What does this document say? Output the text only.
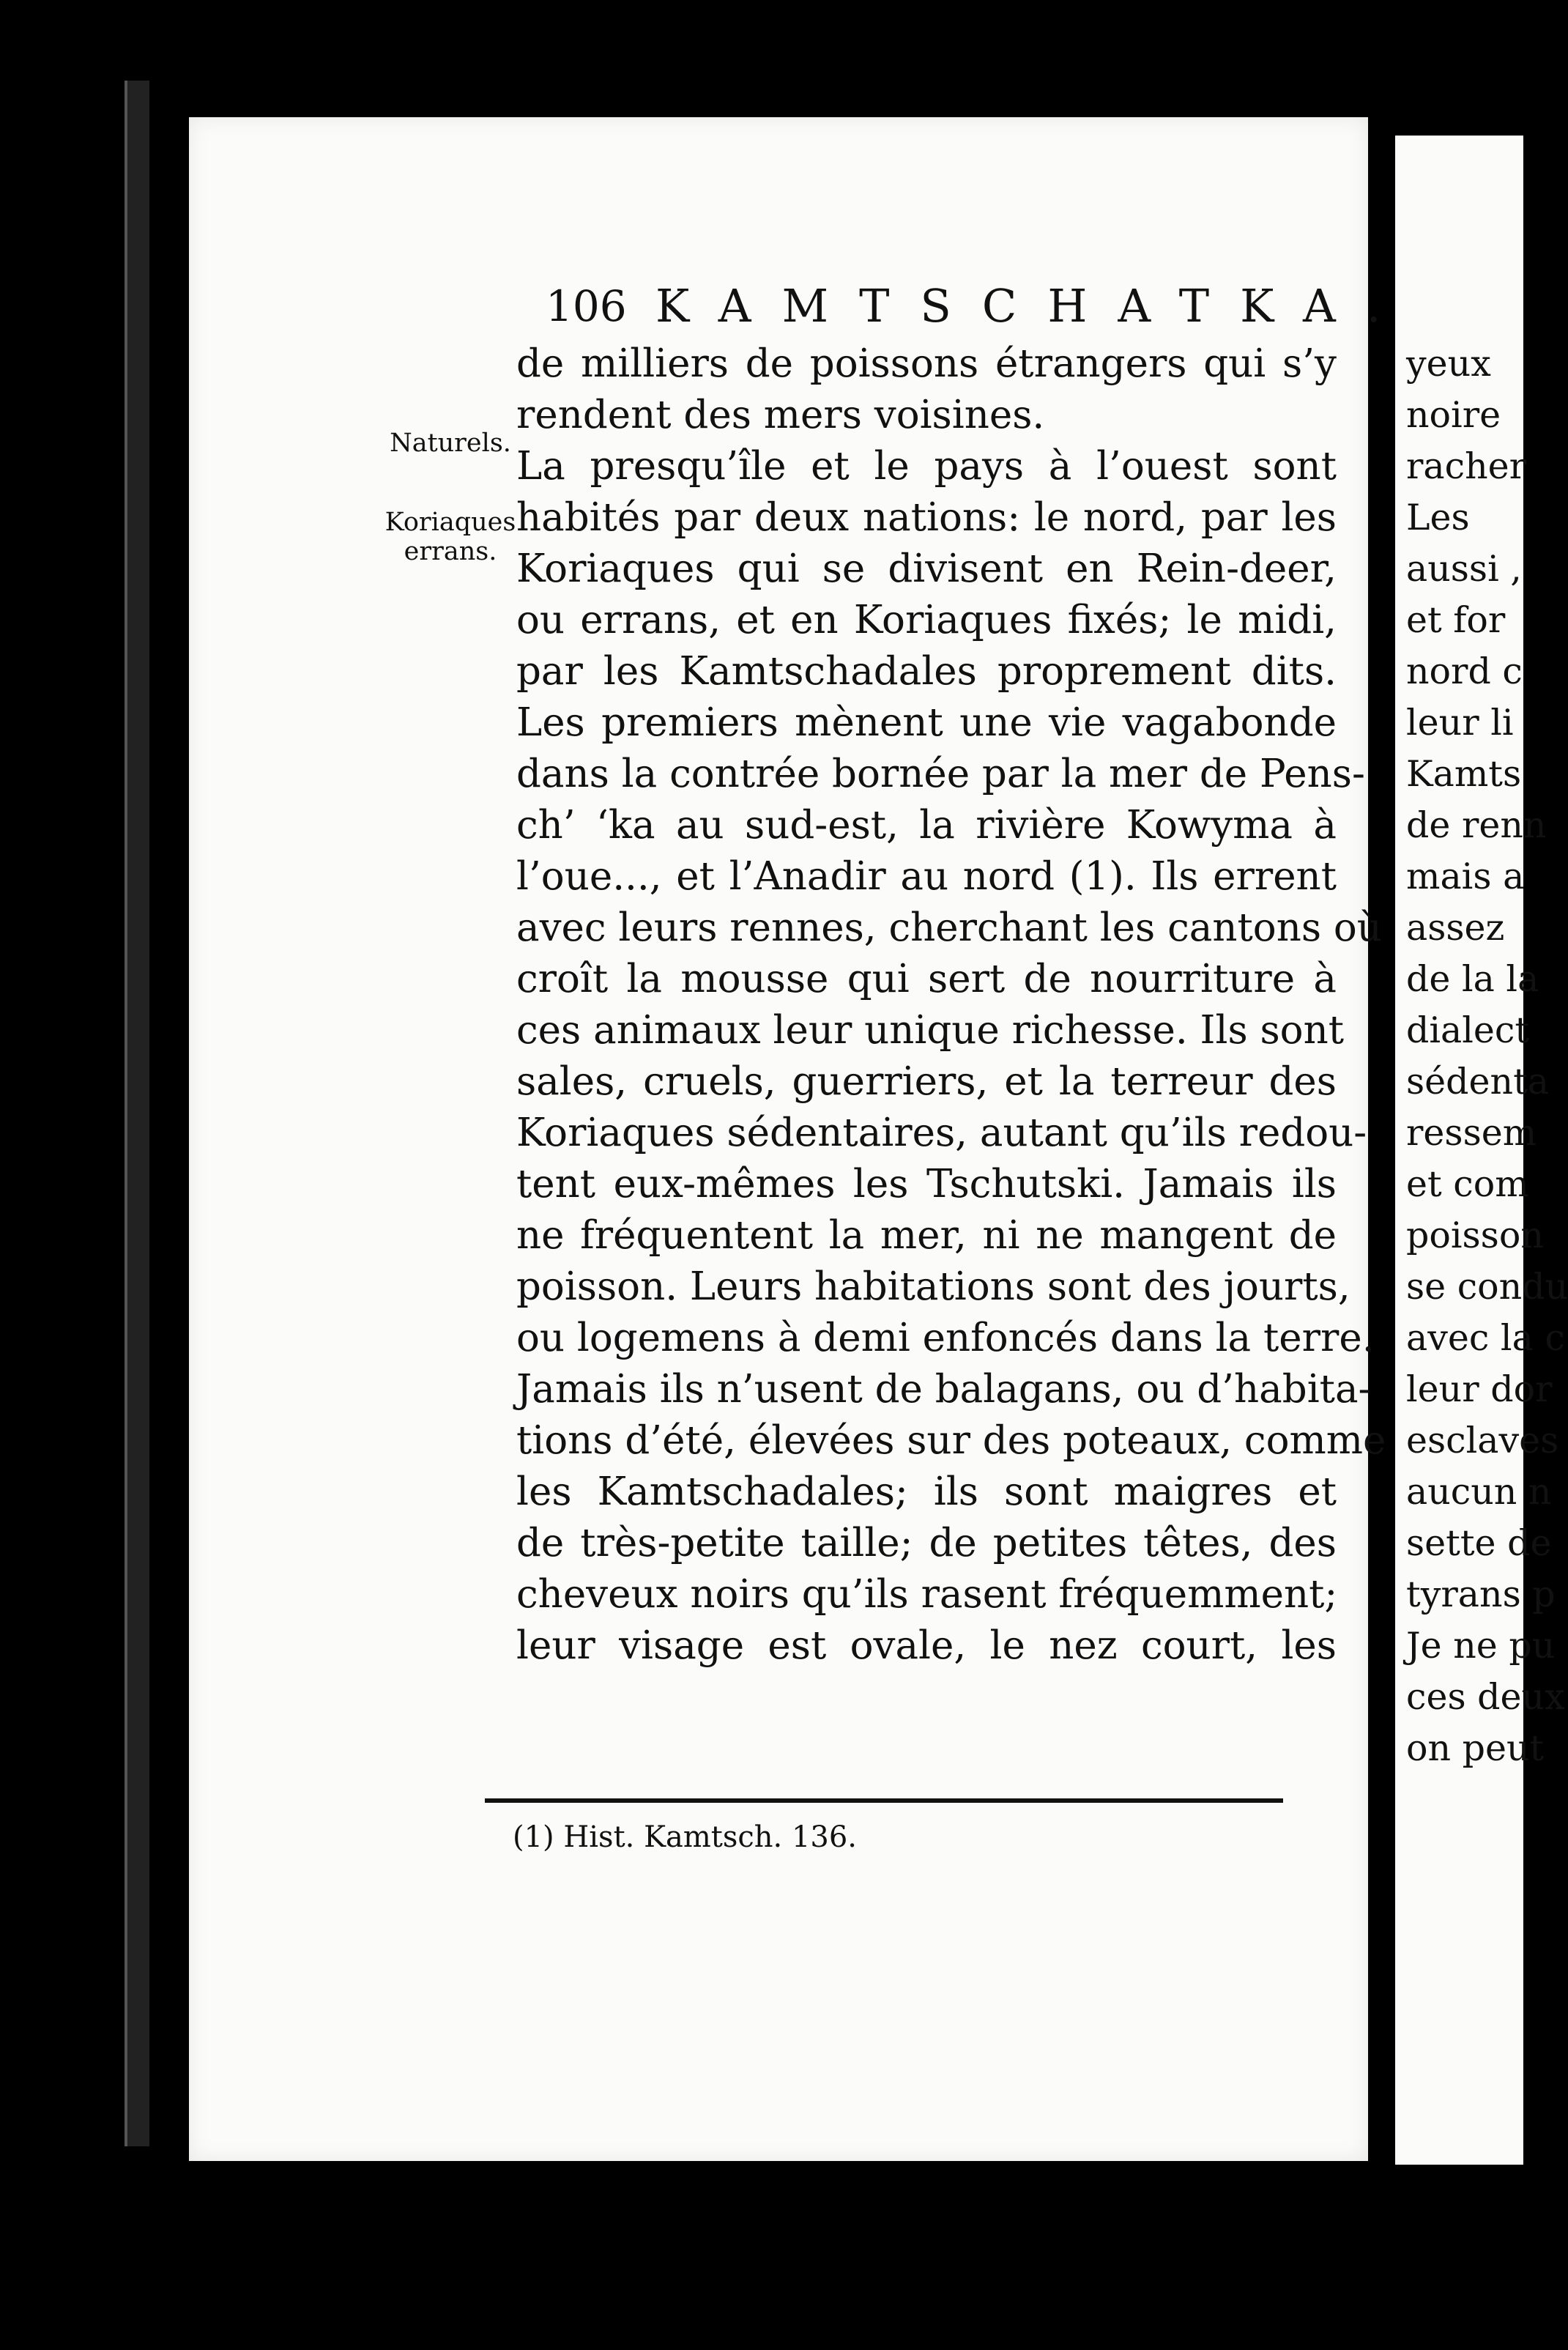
106 KAMTSCHATKA.
Naturels.
Koriaques errans.
de milliers de poissons étrangers qui s’y
rendent des mers voisines.
La presqu’île et le pays à l’ouest sont
habités par deux nations: le nord, par les
Koriaques qui se divisent en Rein-deer,
ou errans, et en Koriaques fixés; le midi,
par les Kamtschadales proprement dits.
Les premiers mènent une vie vagabonde
dans la contrée bornée par la mer de Pens-
ch’ ‘ka au sud-est, la rivière Kowyma à
l’oue..., et l’Anadir au nord (1). Ils errent
avec leurs rennes, cherchant les cantons où
croît la mousse qui sert de nourriture à
ces animaux leur unique richesse. Ils sont
sales, cruels, guerriers, et la terreur des
Koriaques sédentaires, autant qu’ils redou-
tent eux-mêmes les Tschutski. Jamais ils
ne fréquentent la mer, ni ne mangent de
poisson. Leurs habitations sont des jourts,
ou logemens à demi enfoncés dans la terre.
Jamais ils n’usent de balagans, ou d’habita-
tions d’été, élevées sur des poteaux, comme
les Kamtschadales; ils sont maigres et
de très-petite taille; de petites têtes, des
cheveux noirs qu’ils rasent fréquemment;
leur visage est ovale, le nez court, les
(1) Hist. Kamtsch. 136.
yeux
noire
racher
Les
aussi ,
et for
nord c
leur li
Kamts
de renn
mais a
assez
de la la
dialect
sédenta
ressem
et com
poisson
se condu
avec la c
leur dor
esclaves
aucun n
sette de
tyrans p
Je ne pu
ces deux
on peut
